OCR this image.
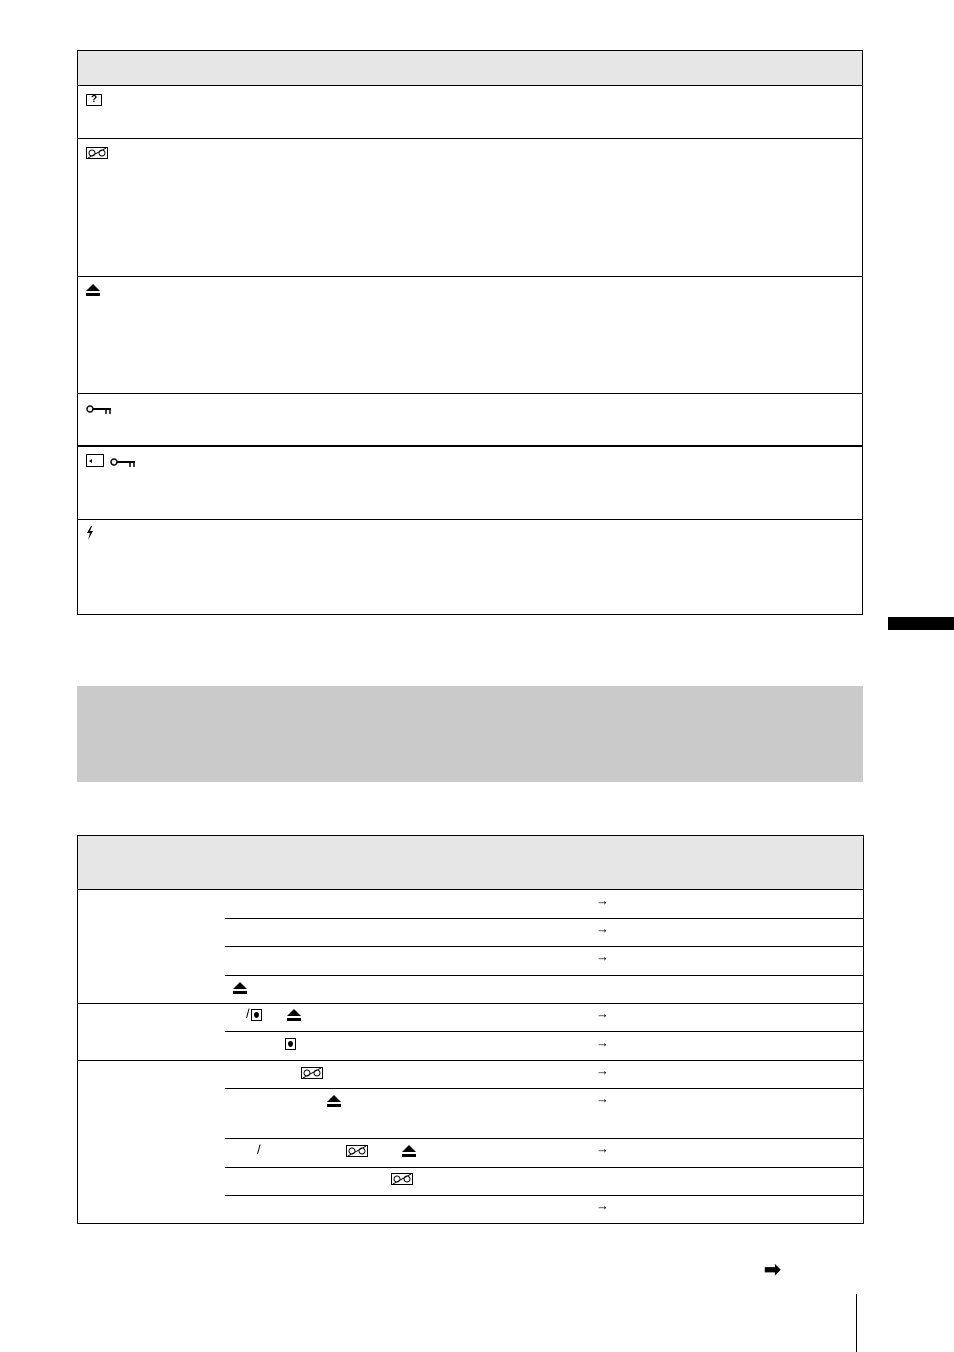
?
→
→
→

/
	→

→

→

→

/
	→
→
➡
